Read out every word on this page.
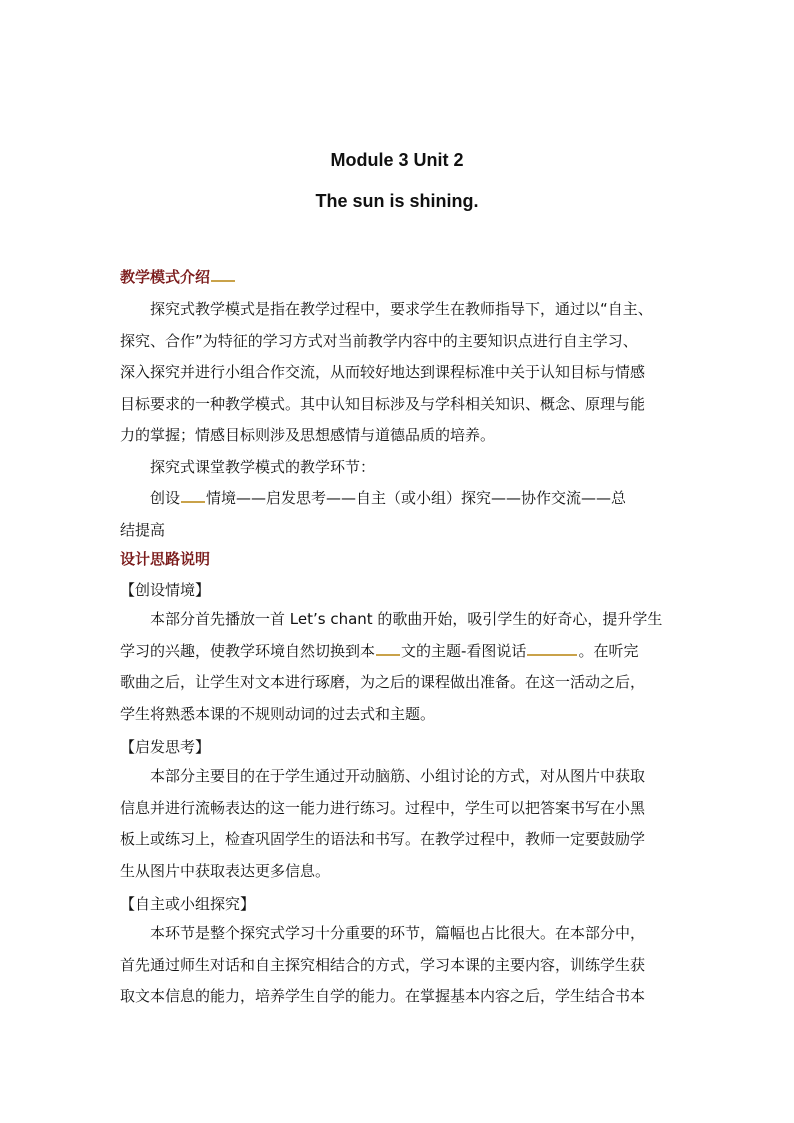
Module 3 Unit 2
The sun is shining.
教学模式介绍
探究式教学模式是指在教学过程中，要求学生在教师指导下，通过以“自主、
探究、合作”为特征的学习方式对当前教学内容中的主要知识点进行自主学习、
深入探究并进行小组合作交流，从而较好地达到课程标准中关于认知目标与情感
目标要求的一种教学模式。其中认知目标涉及与学科相关知识、概念、原理与能
力的掌握；情感目标则涉及思想感情与道德品质的培养。
探究式课堂教学模式的教学环节：
创设 情境——启发思考——自主（或小组）探究——协作交流——总
结提高
设计思路说明
【创设情境】
本部分首先播放一首 Let’s chant 的歌曲开始，吸引学生的好奇心，提升学生
学习的兴趣，使教学环境自然切换到本 文的主题-看图说话	。在听完
歌曲之后，让学生对文本进行琢磨，为之后的课程做出准备。在这一活动之后，
学生将熟悉本课的不规则动词的过去式和主题。
【启发思考】
本部分主要目的在于学生通过开动脑筋、小组讨论的方式，对从图片中获取
信息并进行流畅表达的这一能力进行练习。过程中，学生可以把答案书写在小黑
板上或练习上，检查巩固学生的语法和书写。在教学过程中，教师一定要鼓励学
生从图片中获取表达更多信息。
【自主或小组探究】
本环节是整个探究式学习十分重要的环节，篇幅也占比很大。在本部分中，
首先通过师生对话和自主探究相结合的方式，学习本课的主要内容，训练学生获
取文本信息的能力，培养学生自学的能力。在掌握基本内容之后，学生结合书本
